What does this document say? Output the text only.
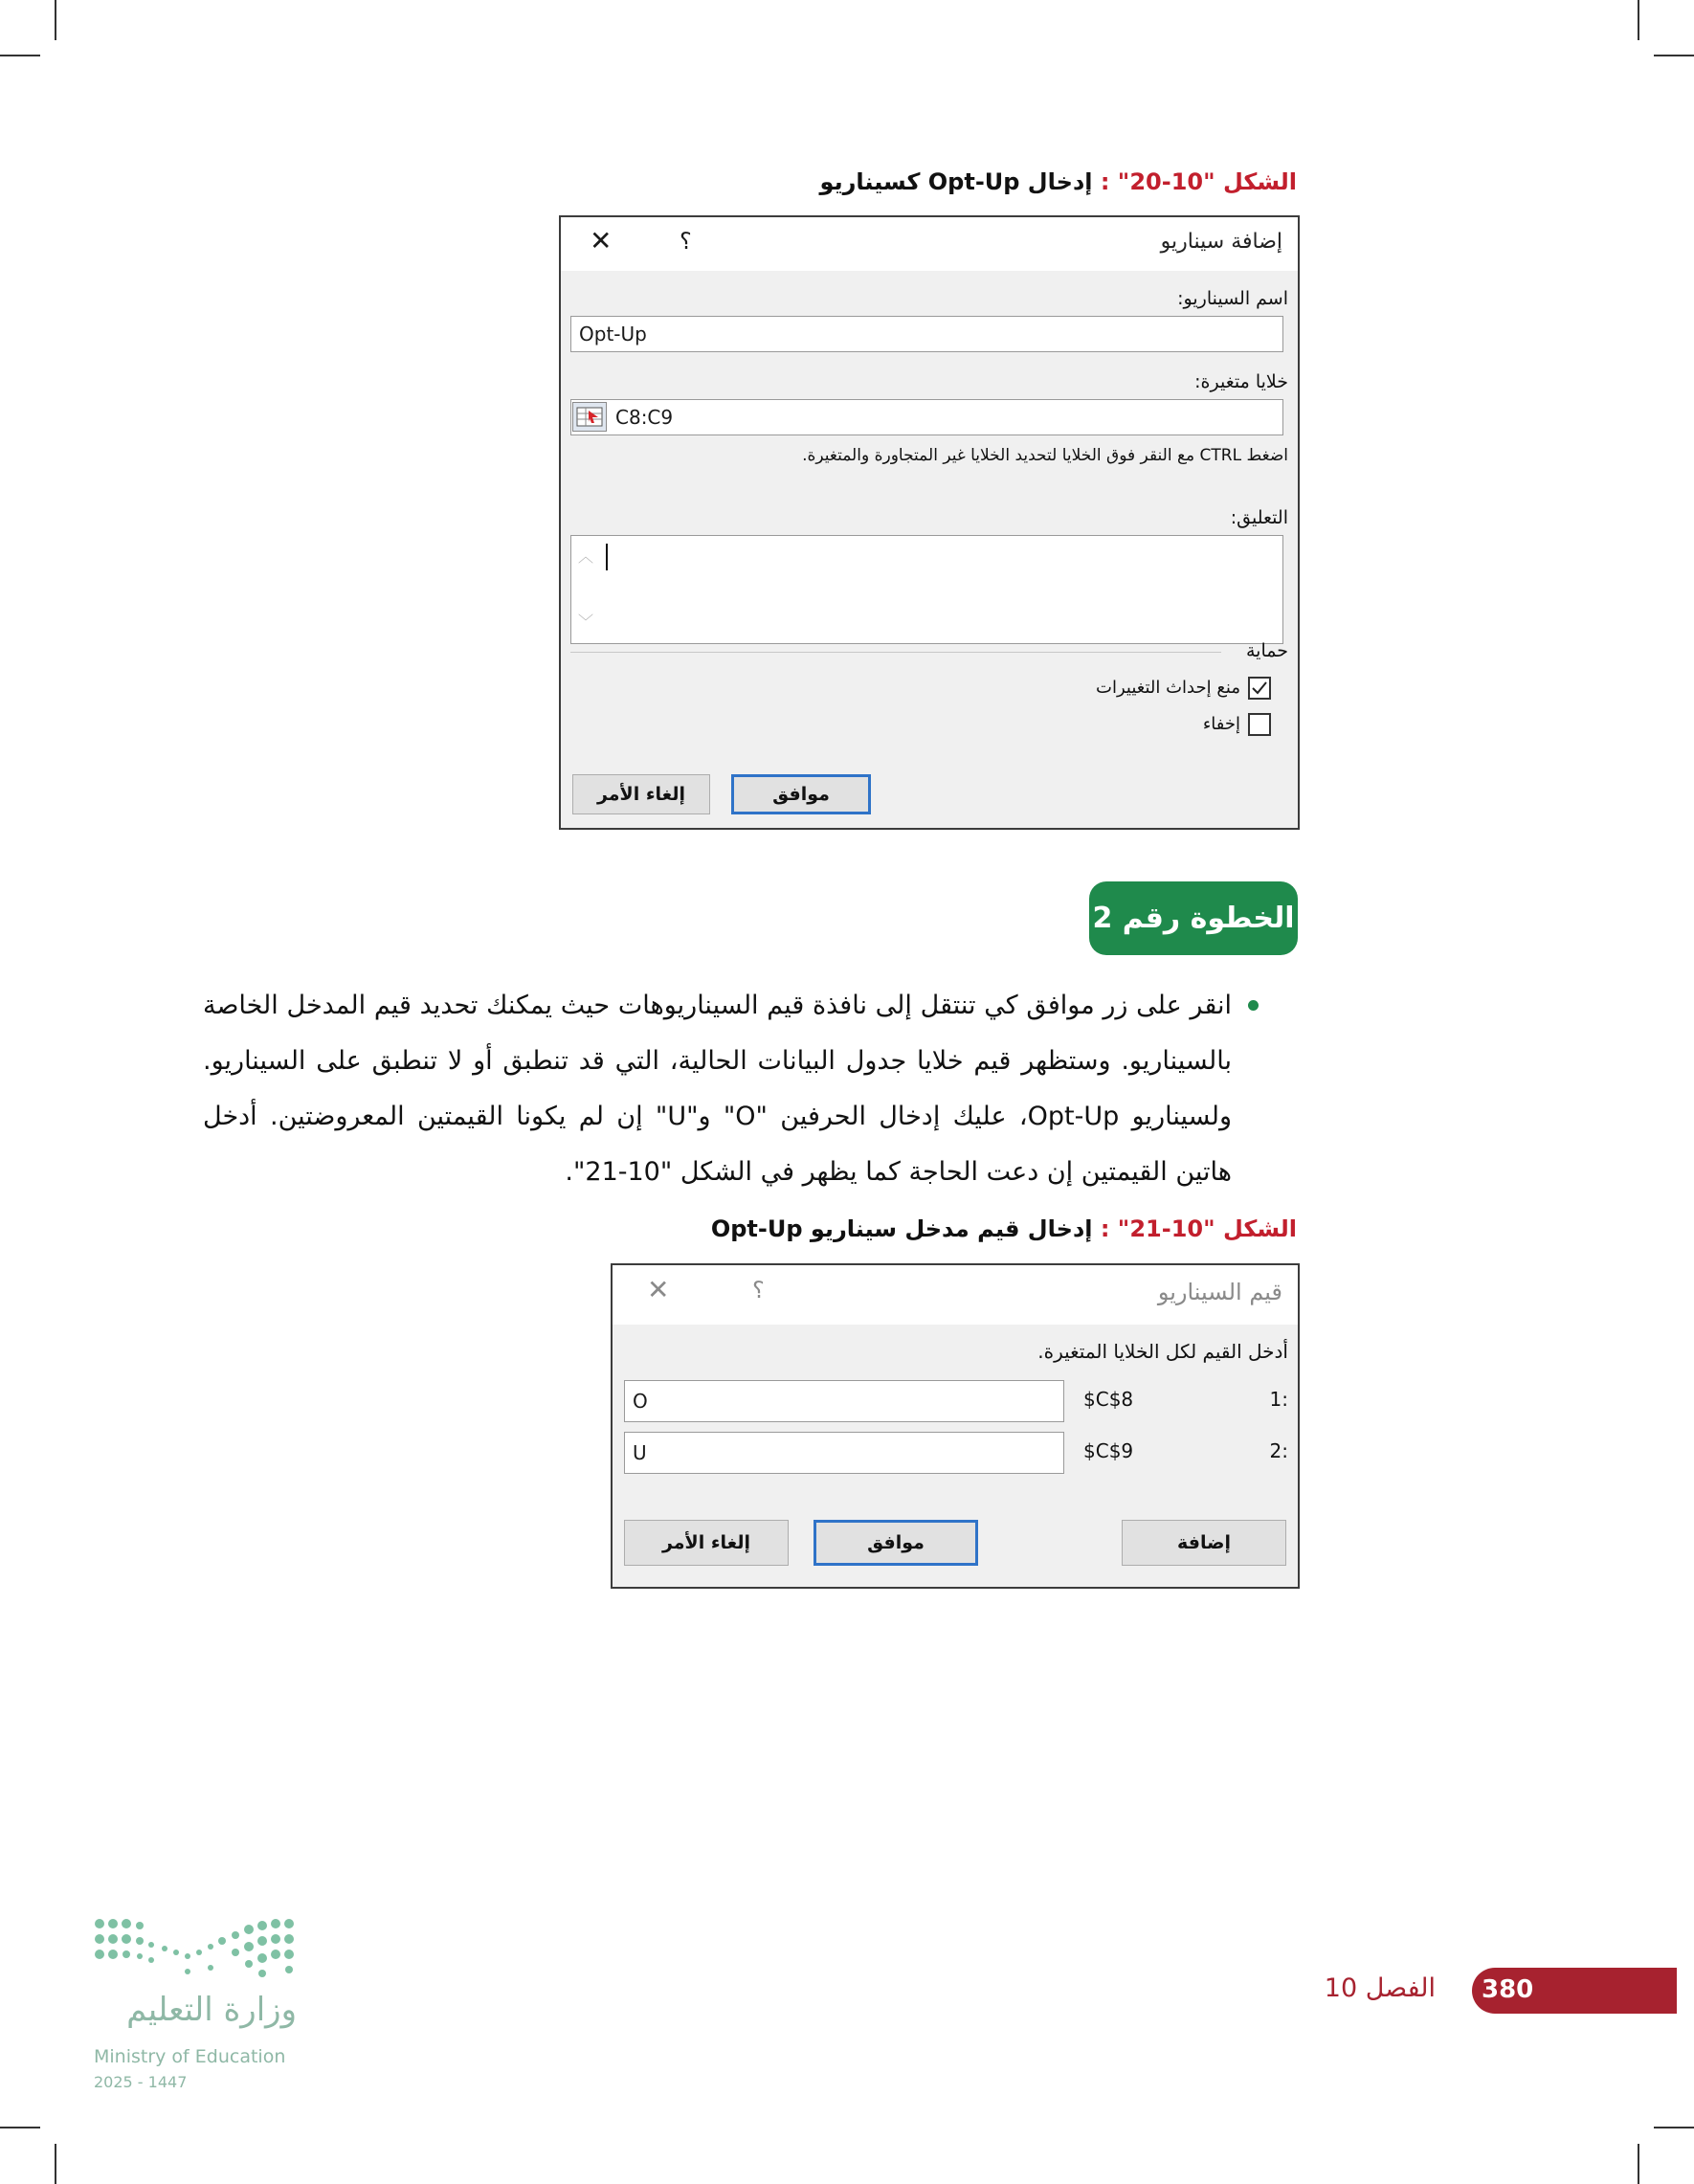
الشكل "10-20" : إدخال Opt-Up كسيناريو
إضافة سيناريو
؟
✕
اسم السيناريو:
Opt-Up
خلايا متغيرة:
C8:C9
اضغط CTRL مع النقر فوق الخلايا لتحديد الخلايا غير المتجاورة والمتغيرة.
التعليق:
︿
﹀
حماية
منع إحداث التغييرات
إخفاء
موافق
إلغاء الأمر
الخطوة رقم 2
انقر على زر موافق كي تنتقل إلى نافذة قيم السيناريوهات حيث يمكنك تحديد قيم المدخل الخاصة بالسيناريو. وستظهر قيم خلايا جدول البيانات الحالية، التي قد تنطبق أو لا تنطبق على السيناريو. ولسيناريو Opt-Up، عليك إدخال الحرفين "O" و"U" إن لم يكونا القيمتين المعروضتين. أدخل هاتين القيمتين إن دعت الحاجة كما يظهر في الشكل "10-21".
الشكل "10-21" : إدخال قيم مدخل سيناريو Opt-Up
قيم السيناريو
؟
✕
أدخل القيم لكل الخلايا المتغيرة.
1:
$C$8
O
2:
$C$9
U
إضافة
موافق
إلغاء الأمر
وزارة التعليم
Ministry of Education
2025 - 1447
380
الفصل 10
